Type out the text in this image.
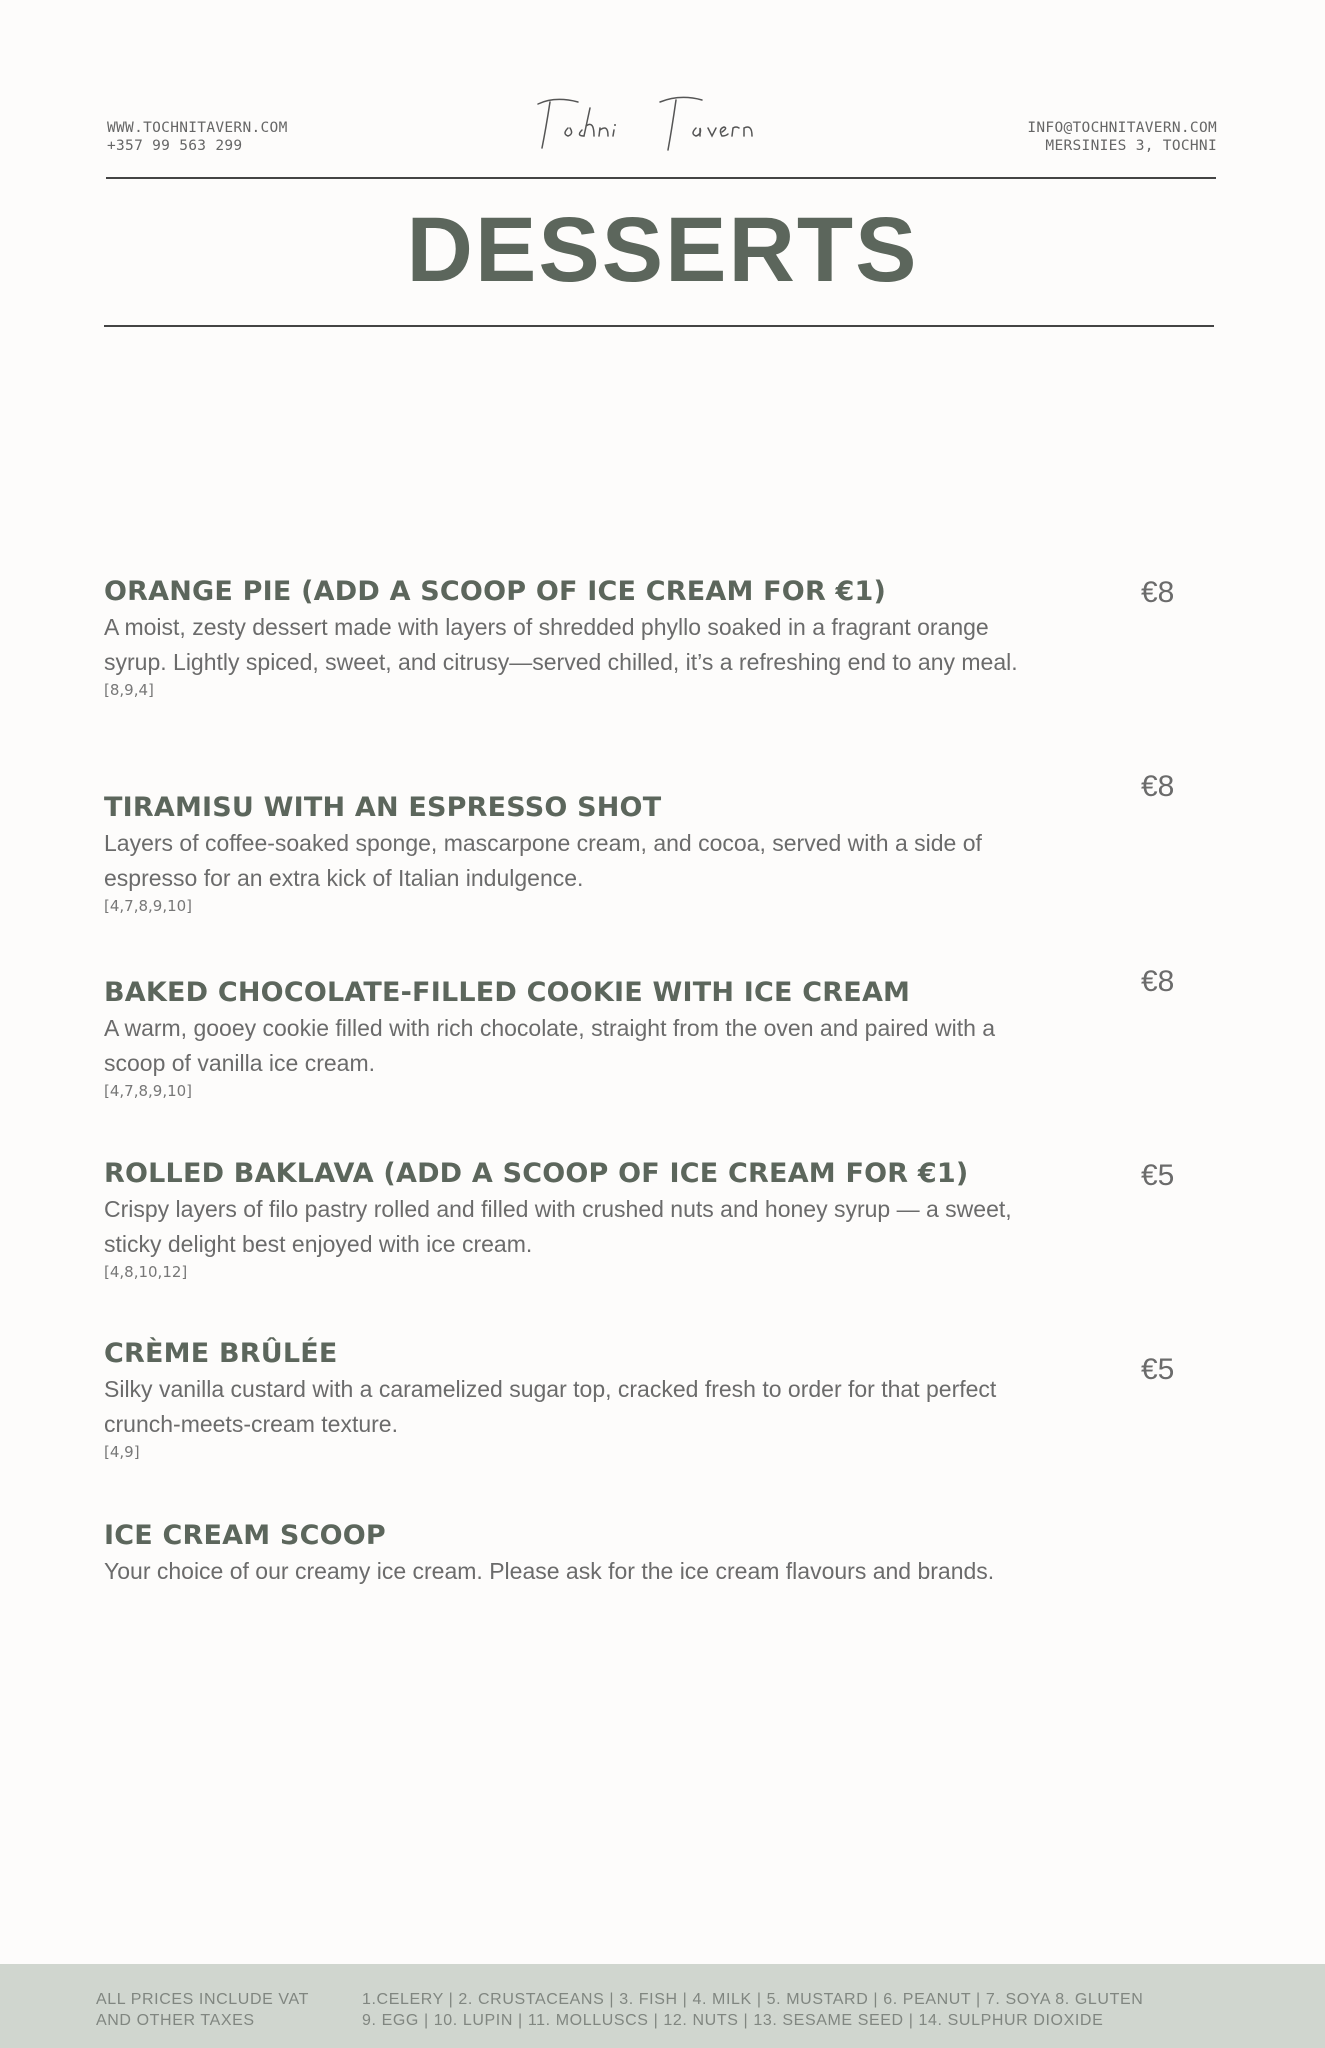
WWW.TOCHNITAVERN.COM
+357 99 563 299
INFO@TOCHNITAVERN.COM
MERSINIES 3, TOCHNI
DESSERTS
ORANGE PIE (ADD A SCOOP OF ICE CREAM FOR €1)
A moist, zesty dessert made with layers of shredded phyllo soaked in a fragrant orange syrup. Lightly spiced, sweet, and citrusy—served chilled, it’s a refreshing end to any meal.
[8,9,4]
€8
TIRAMISU WITH AN ESPRESSO SHOT
Layers of coffee-soaked sponge, mascarpone cream, and cocoa, served with a side of espresso for an extra kick of Italian indulgence.
[4,7,8,9,10]
€8
BAKED CHOCOLATE-FILLED COOKIE WITH ICE CREAM
A warm, gooey cookie filled with rich chocolate, straight from the oven and paired with a scoop of vanilla ice cream.
[4,7,8,9,10]
€8
ROLLED BAKLAVA (ADD A SCOOP OF ICE CREAM FOR €1)
Crispy layers of filo pastry rolled and filled with crushed nuts and honey syrup — a sweet, sticky delight best enjoyed with ice cream.
[4,8,10,12]
€5
CRÈME BRÛLÉE
Silky vanilla custard with a caramelized sugar top, cracked fresh to order for that perfect crunch-meets-cream texture.
[4,9]
€5
ICE CREAM SCOOP
Your choice of our creamy ice cream. Please ask for the ice cream flavours and brands.
ALL PRICES INCLUDE VAT
AND OTHER TAXES
1.CELERY | 2. CRUSTACEANS | 3. FISH | 4. MILK | 5. MUSTARD | 6. PEANUT | 7. SOYA 8. GLUTEN
9. EGG | 10. LUPIN | 11. MOLLUSCS | 12. NUTS | 13. SESAME SEED | 14. SULPHUR DIOXIDE
